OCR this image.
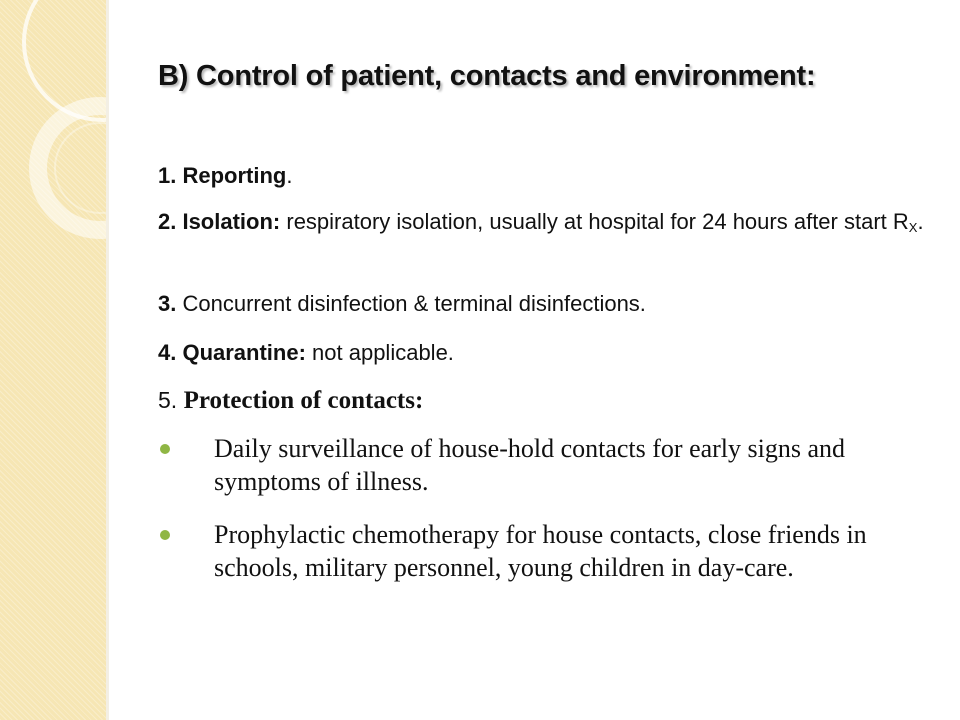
B) Control of patient, contacts and environment:
1. Reporting.
2. Isolation: respiratory isolation, usually at hospital for 24 hours after start $R_X$.
3. Concurrent disinfection & terminal disinfections.
4. Quarantine: not applicable.
5. Protection of contacts:
Daily surveillance of house-hold contacts for early signs and symptoms of illness.
Prophylactic chemotherapy for house contacts, close friends in schools, military personnel, young children in day-care.
